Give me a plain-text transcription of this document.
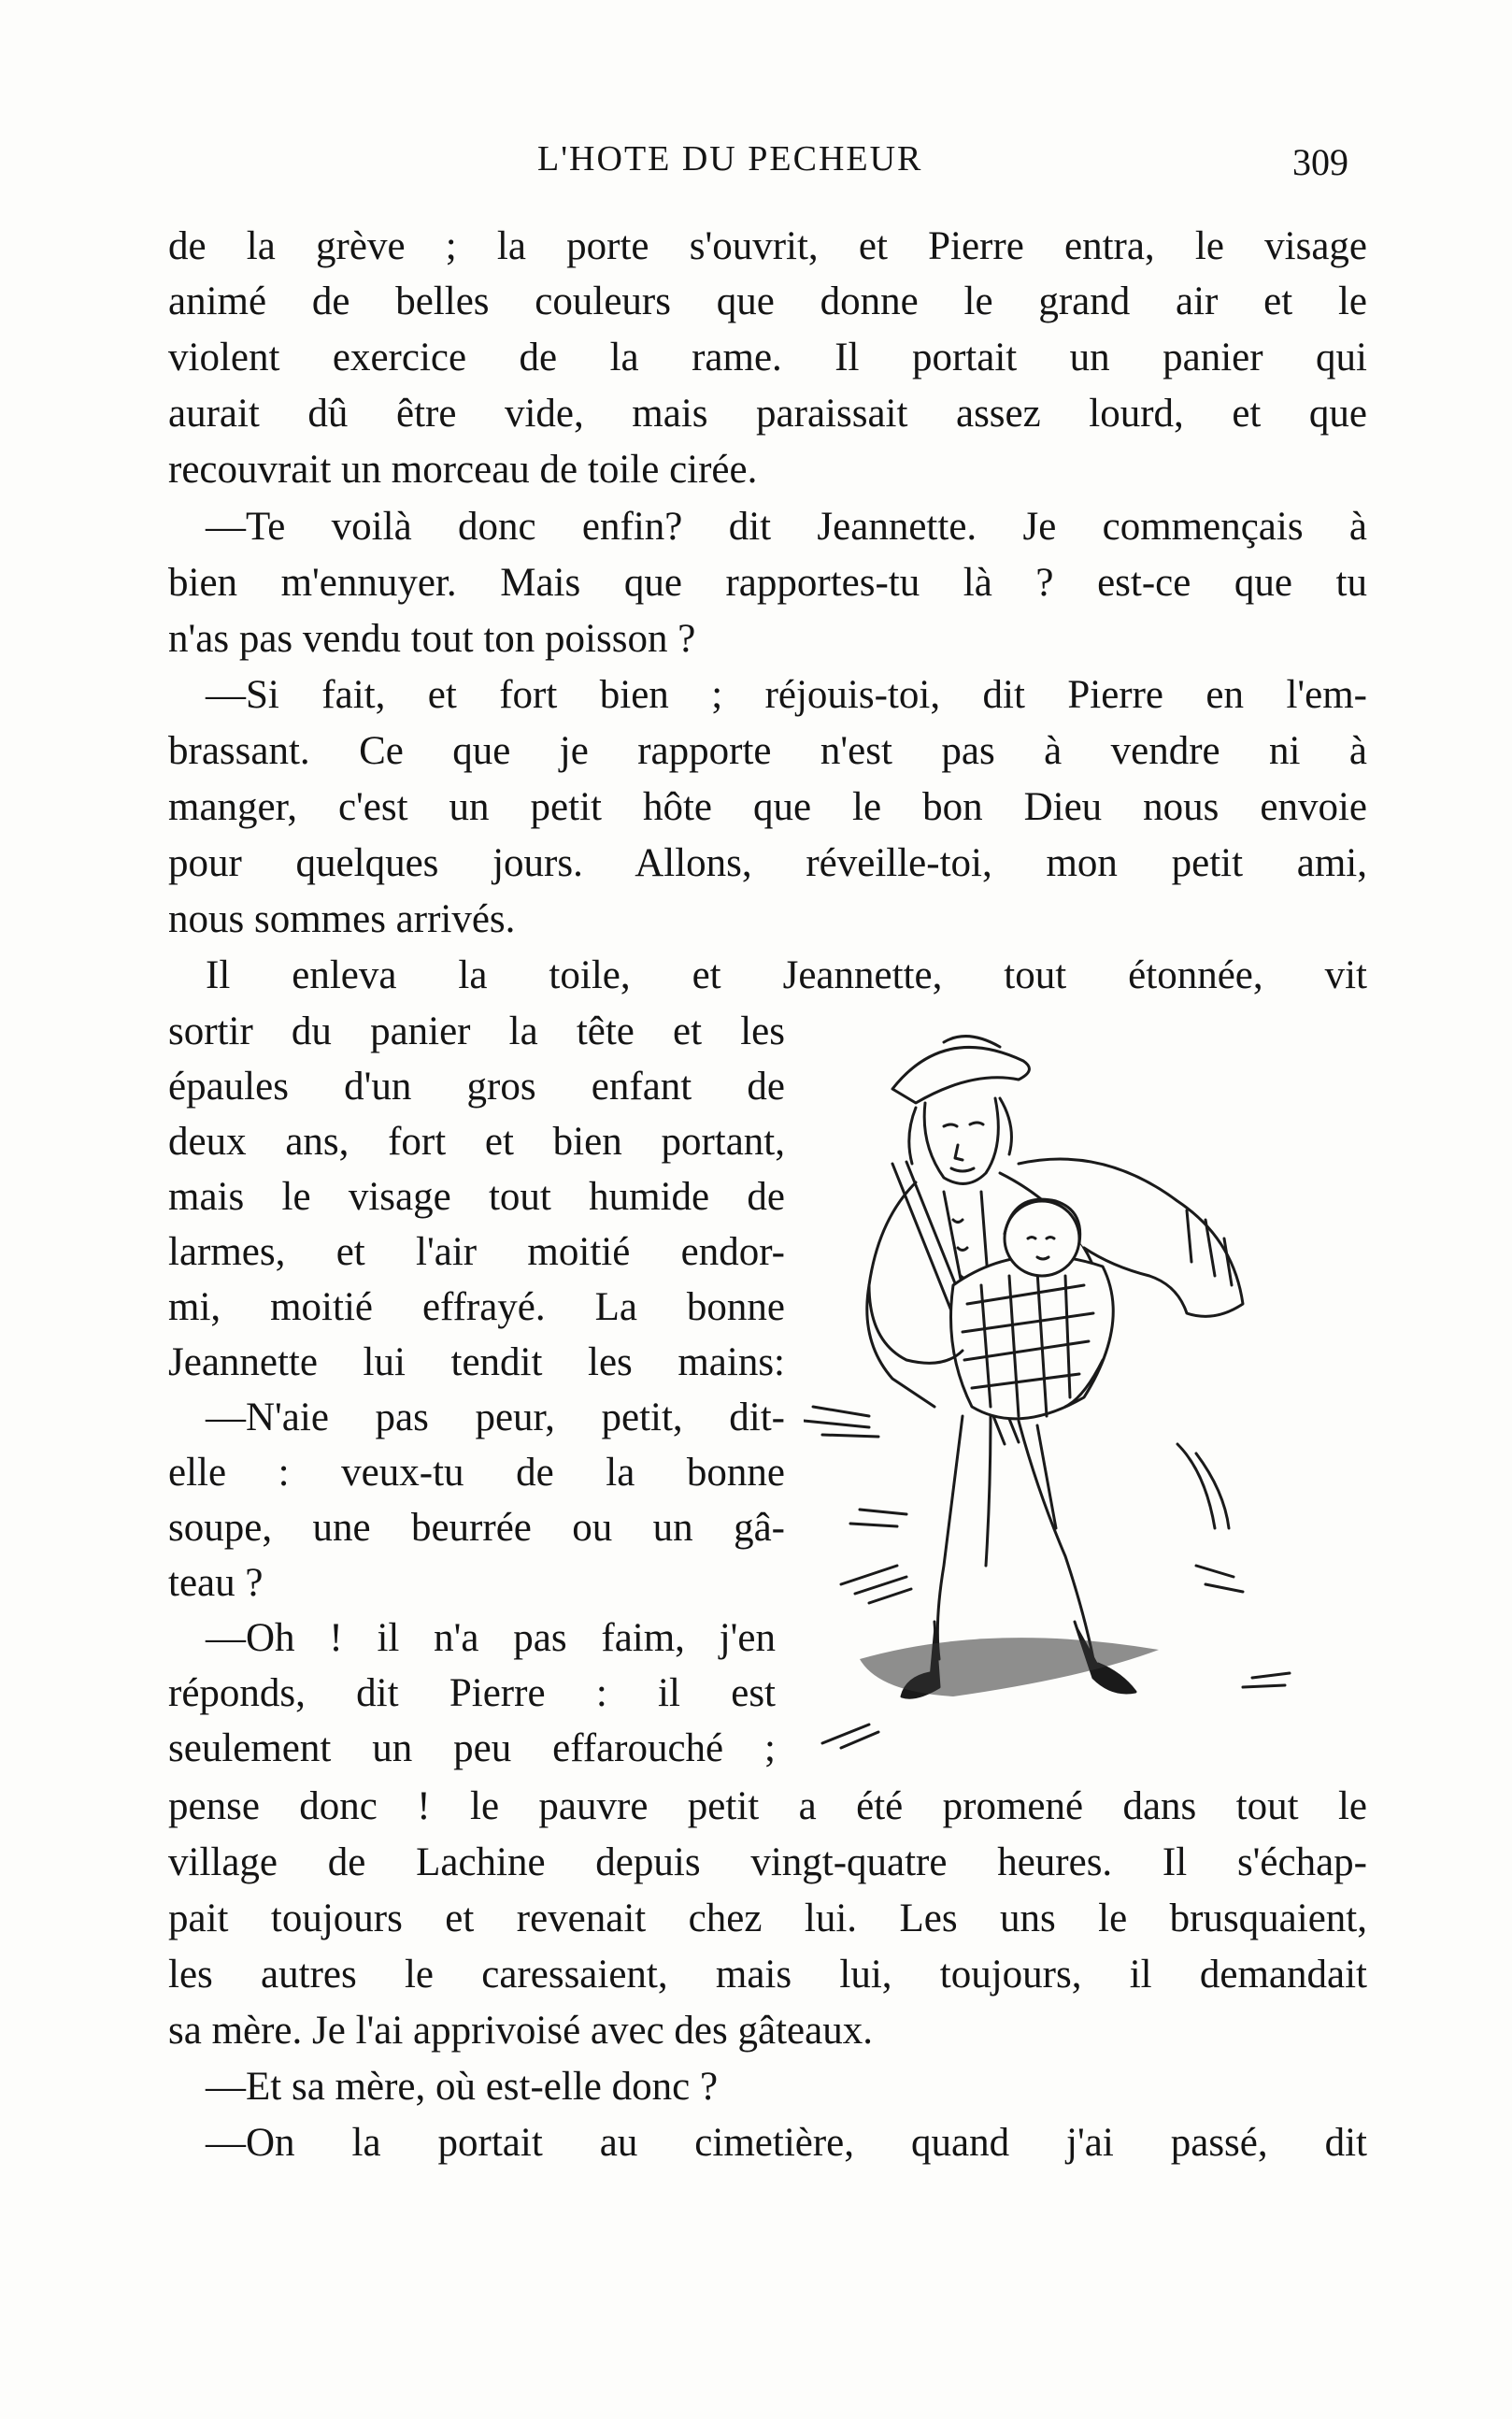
L'HOTE DU PECHEUR	309
de la grève ; la porte s'ouvrit, et Pierre entra, le visage
animé de belles couleurs que donne le grand air et le
violent exercice de la rame. Il portait un panier qui
aurait dû être vide, mais paraissait assez lourd, et que
recouvrait un morceau de toile cirée.
—Te voilà donc enfin? dit Jeannette. Je commençais à
bien m'ennuyer. Mais que rapportes-tu là ? est-ce que tu
n'as pas vendu tout ton poisson ?
—Si fait, et fort bien ; réjouis-toi, dit Pierre en l'em-
brassant. Ce que je rapporte n'est pas à vendre ni à
manger, c'est un petit hôte que le bon Dieu nous envoie
pour quelques jours. Allons, réveille-toi, mon petit ami,
nous sommes arrivés.
Il enleva la toile, et Jeannette, tout étonnée, vit
sortir du panier la tête et les
épaules d'un gros enfant de
deux ans, fort et bien portant,
mais le visage tout humide de
larmes, et l'air moitié endor-
mi, moitié effrayé. La bonne
Jeannette lui tendit les mains:
—N'aie pas peur, petit, dit-
elle : veux-tu de la bonne
soupe, une beurrée ou un gâ-
teau ?
—Oh ! il n'a pas faim, j'en
réponds, dit Pierre : il est
seulement un peu effarouché ;
pense donc ! le pauvre petit a été promené dans tout le
village de Lachine depuis vingt-quatre heures. Il s'échap-
pait toujours et revenait chez lui. Les uns le brusquaient,
les autres le caressaient, mais lui, toujours, il demandait
sa mère. Je l'ai apprivoisé avec des gâteaux.
—Et sa mère, où est-elle donc ?
—On la portait au cimetière, quand j'ai passé, dit
